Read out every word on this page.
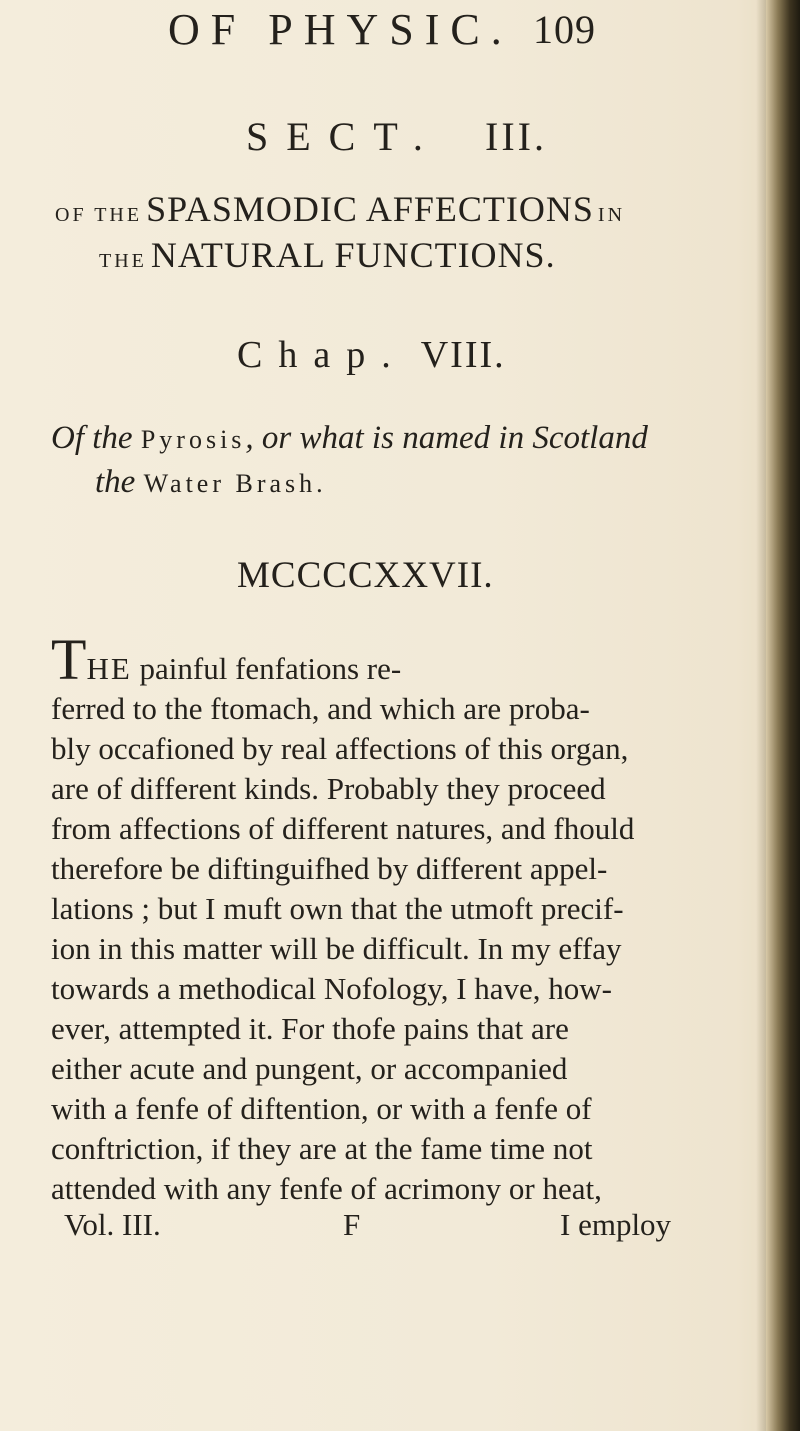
OF PHYSIC. 109
SECT. III.
OF THE SPASMODIC AFFECTIONS IN
THE NATURAL FUNCTIONS.
Chap. VIII.
Of the Pyrosis, or what is named in Scotland
the Water Brash.
MCCCCXXVII.
THE painful fenfations re-
ferred to the ftomach, and which are proba-
bly occafioned by real affections of this organ,
are of different kinds. Probably they proceed
from affections of different natures, and fhould
therefore be diftinguifhed by different appel-
lations ; but I muft own that the utmoft precif-
ion in this matter will be difficult. In my effay
towards a methodical Nofology, I have, how-
ever, attempted it. For thofe pains that are
either acute and pungent, or accompanied
with a fenfe of diftention, or with a fenfe of
conftriction, if they are at the fame time not
attended with any fenfe of acrimony or heat,
Vol. III.	F	I employ
